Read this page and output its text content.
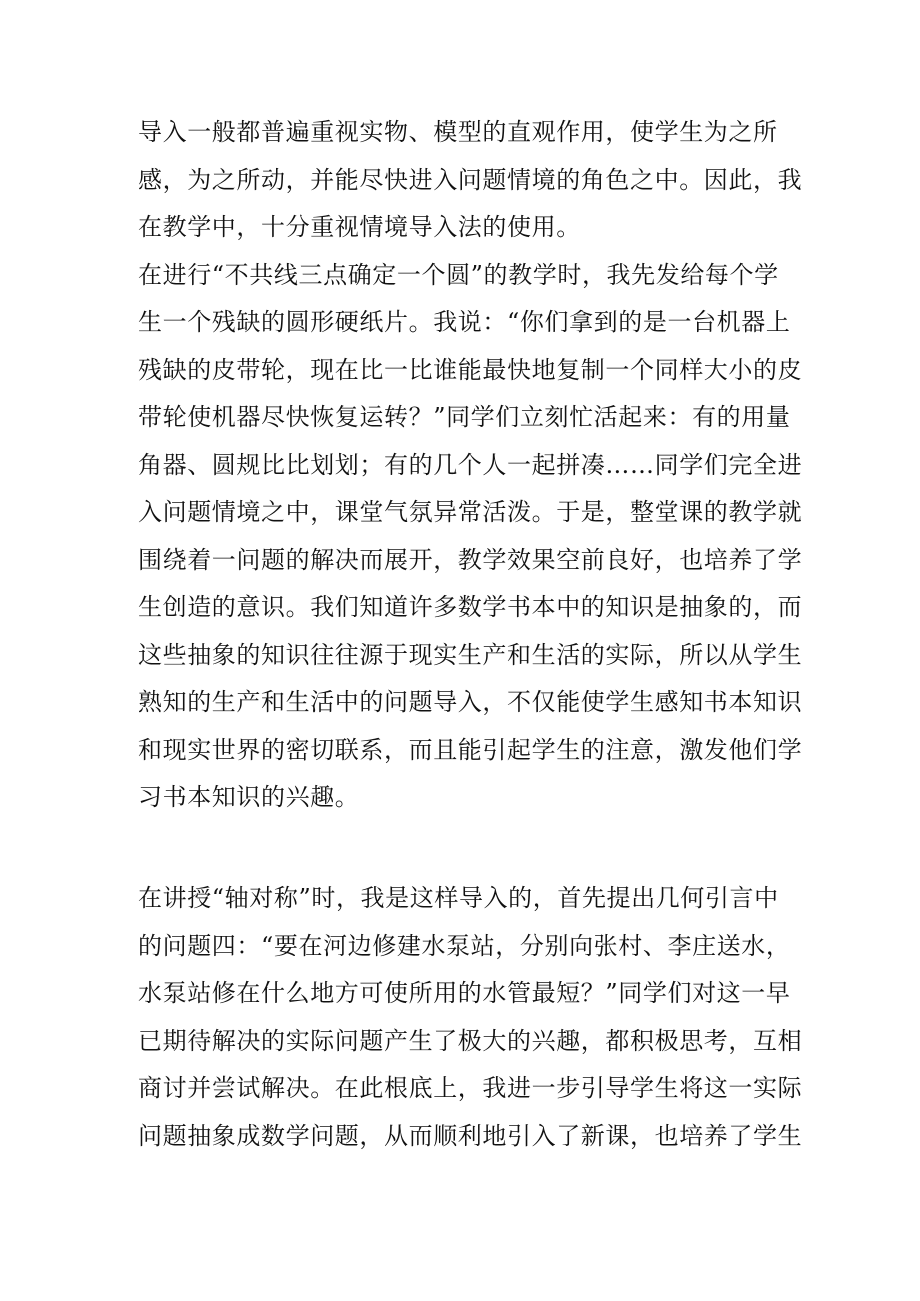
导入一般都普遍重视实物、模型的直观作用，使学生为之所
感，为之所动，并能尽快进入问题情境的角色之中。因此，我
在教学中，十分重视情境导入法的使用。
在进行“不共线三点确定一个圆”的教学时，我先发给每个学
生一个残缺的圆形硬纸片。我说：“你们拿到的是一台机器上
残缺的皮带轮，现在比一比谁能最快地复制一个同样大小的皮
带轮使机器尽快恢复运转？”同学们立刻忙活起来：有的用量
角器、圆规比比划划；有的几个人一起拼凑……同学们完全进
入问题情境之中，课堂气氛异常活泼。于是，整堂课的教学就
围绕着一问题的解决而展开，教学效果空前良好，也培养了学
生创造的意识。我们知道许多数学书本中的知识是抽象的，而
这些抽象的知识往往源于现实生产和生活的实际，所以从学生
熟知的生产和生活中的问题导入，不仅能使学生感知书本知识
和现实世界的密切联系，而且能引起学生的注意，激发他们学
习书本知识的兴趣。
在讲授“轴对称”时，我是这样导入的，首先提出几何引言中
的问题四：“要在河边修建水泵站，分别向张村、李庄送水，
水泵站修在什么地方可使所用的水管最短？”同学们对这一早
已期待解决的实际问题产生了极大的兴趣，都积极思考，互相
商讨并尝试解决。在此根底上，我进一步引导学生将这一实际
问题抽象成数学问题，从而顺利地引入了新课，也培养了学生
